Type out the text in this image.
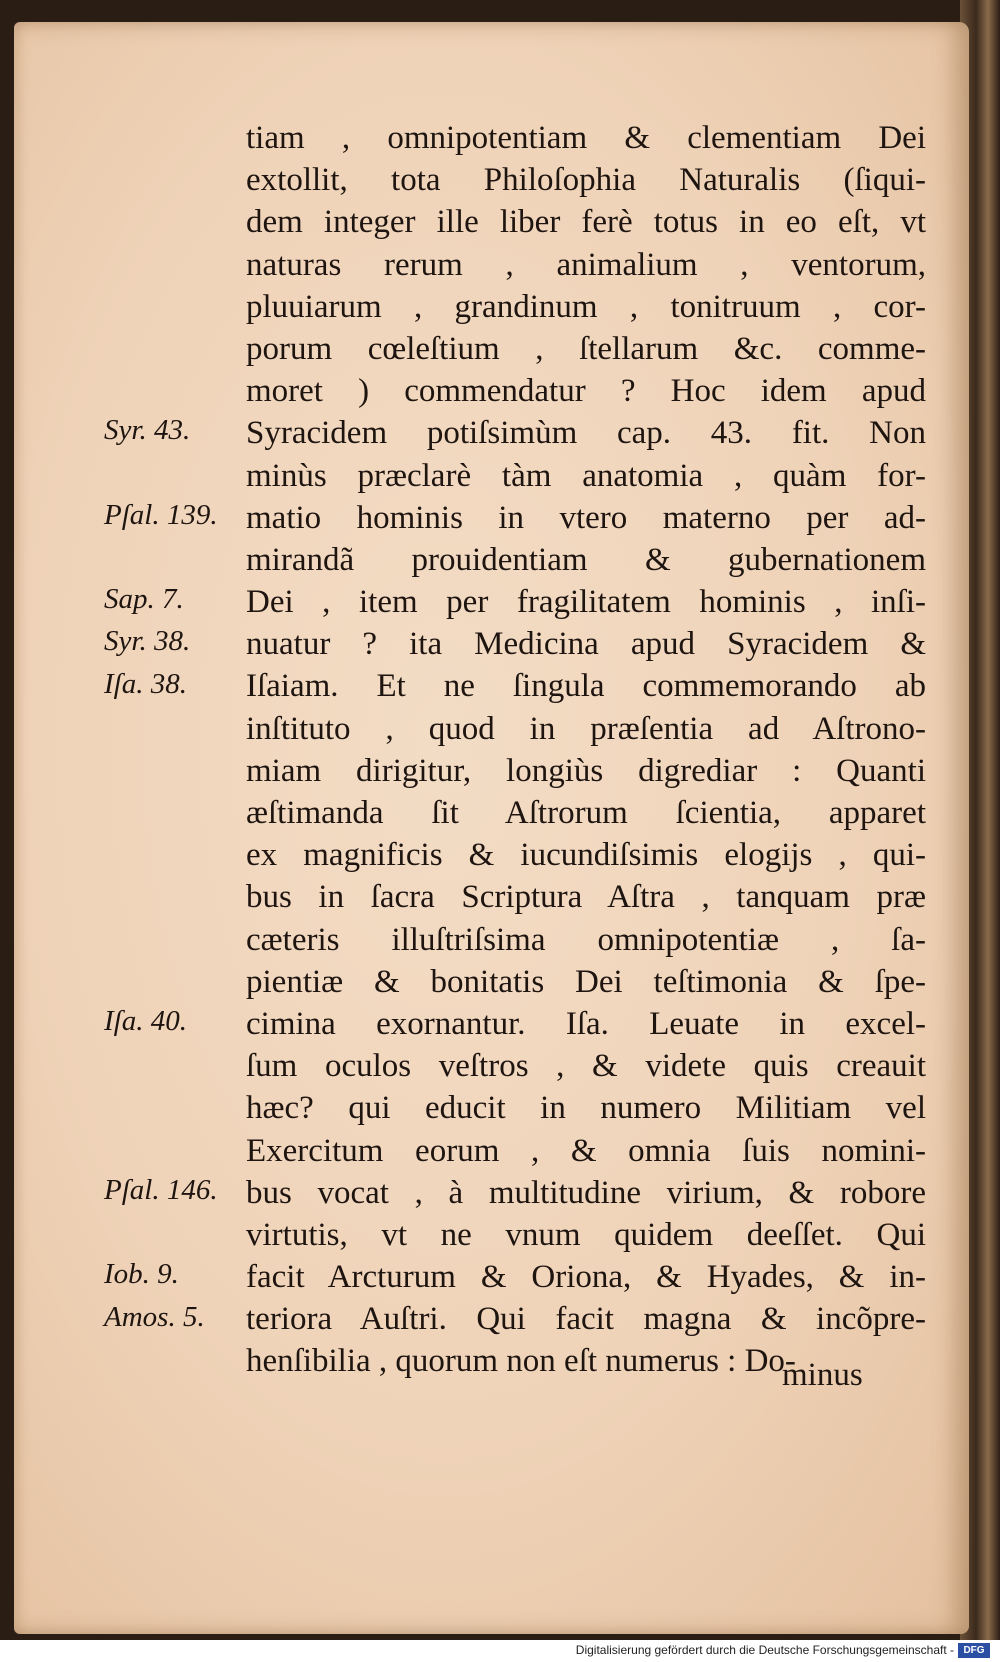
Syr. 43.
Pſal. 139.
Sap. 7.
Syr. 38.
Iſa. 38.
Iſa. 40.
Pſal. 146.
Iob. 9.
Amos. 5.
tiam , omnipotentiam & clementiam Dei
extollit, tota Philoſophia Naturalis (ſiqui-
dem integer ille liber ferè totus in eo eſt, vt
naturas rerum , animalium , ventorum,
pluuiarum , grandinum , tonitruum , cor-
porum cœleſtium , ſtellarum &c. comme-
moret ) commendatur ? Hoc idem apud
Syracidem potiſsimùm cap. 43. fit. Non
minùs præclarè tàm anatomia , quàm for-
matio hominis in vtero materno per ad-
mirandã prouidentiam & gubernationem
Dei , item per fragilitatem hominis , inſi-
nuatur ? ita Medicina apud Syracidem &
Iſaiam. Et ne ſingula commemorando ab
inſtituto , quod in præſentia ad Aſtrono-
miam dirigitur, longiùs digrediar : Quanti
æſtimanda ſit Aſtrorum ſcientia, apparet
ex magnificis & iucundiſsimis elogijs , qui-
bus in ſacra Scriptura Aſtra , tanquam præ
cæteris illuſtriſsima omnipotentiæ , ſa-
pientiæ & bonitatis Dei teſtimonia & ſpe-
cimina exornantur. Iſa. Leuate in excel-
ſum oculos veſtros , & videte quis creauit
hæc? qui educit in numero Militiam vel
Exercitum eorum , & omnia ſuis nomini-
bus vocat , à multitudine virium, & robore
virtutis, vt ne vnum quidem deeſſet. Qui
facit Arcturum & Oriona, & Hyades, & in-
teriora Auſtri. Qui facit magna & incõpre-
henſibilia , quorum non eſt numerus : Do-
minus
Digitalisierung gefördert durch die Deutsche Forschungsgemeinschaft - DFG
